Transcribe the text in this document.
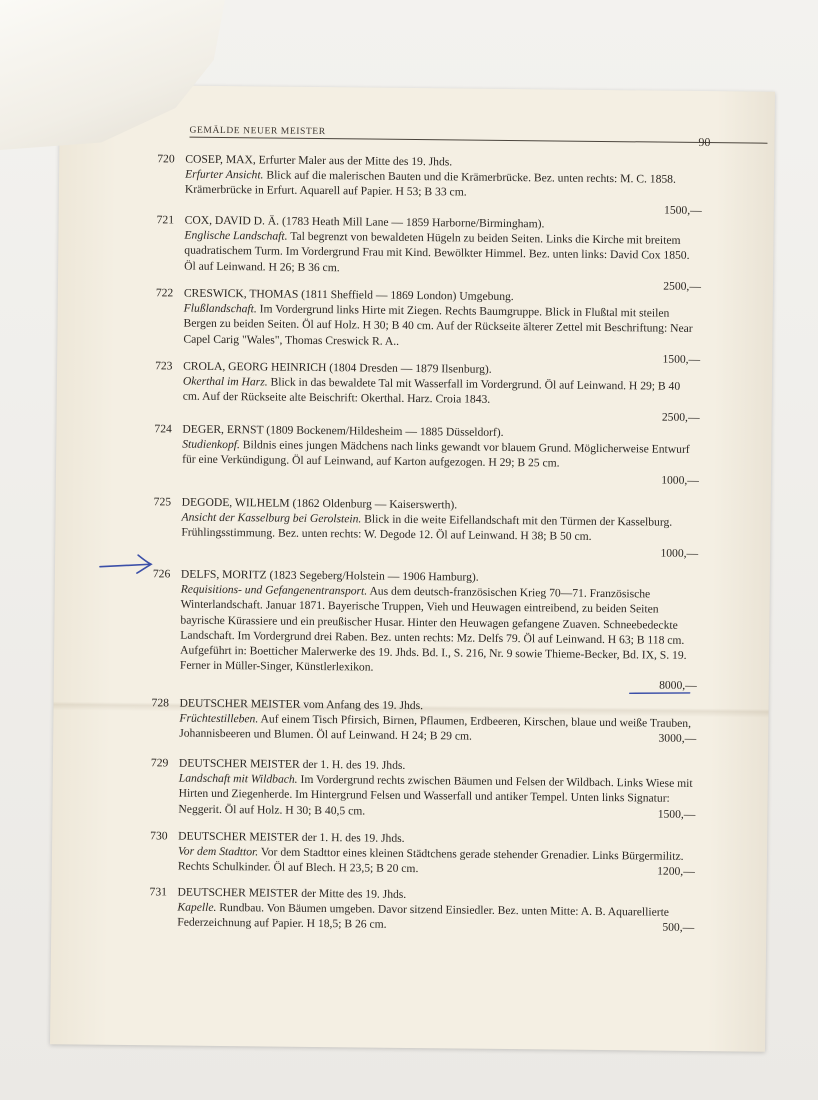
GEMÄLDE NEUER MEISTER
90
720 COSEP, MAX, Erfurter Maler aus der Mitte des 19. Jhds.
Erfurter Ansicht. Blick auf die malerischen Bauten und die Krämerbrücke. Bez. unten rechts: M. C. 1858. Krämerbrücke in Erfurt. Aquarell auf Papier. H 53; B 33 cm.
1500,—
721 COX, DAVID D. Ä. (1783 Heath Mill Lane — 1859 Harborne/Birmingham).
Englische Landschaft. Tal begrenzt von bewaldeten Hügeln zu beiden Seiten. Links die Kirche mit breitem quadratischem Turm. Im Vordergrund Frau mit Kind. Bewölkter Himmel. Bez. unten links: David Cox 1850. Öl auf Leinwand. H 26; B 36 cm.
2500,—
722 CRESWICK, THOMAS (1811 Sheffield — 1869 London) Umgebung.
Flußlandschaft. Im Vordergrund links Hirte mit Ziegen. Rechts Baumgruppe. Blick in Flußtal mit steilen Bergen zu beiden Seiten. Öl auf Holz. H 30; B 40 cm. Auf der Rückseite älterer Zettel mit Beschriftung: Near Capel Carig "Wales", Thomas Creswick R. A..
1500,—
723 CROLA, GEORG HEINRICH (1804 Dresden — 1879 Ilsenburg).
Okerthal im Harz. Blick in das bewaldete Tal mit Wasserfall im Vordergrund. Öl auf Leinwand. H 29; B 40 cm. Auf der Rückseite alte Beischrift: Okerthal. Harz. Croia 1843.
2500,—
724 DEGER, ERNST (1809 Bockenem/Hildesheim — 1885 Düsseldorf).
Studienkopf. Bildnis eines jungen Mädchens nach links gewandt vor blauem Grund. Möglicherweise Entwurf für eine Verkündigung. Öl auf Leinwand, auf Karton aufgezogen. H 29; B 25 cm.
1000,—
725 DEGODE, WILHELM (1862 Oldenburg — Kaiserswerth).
Ansicht der Kasselburg bei Gerolstein. Blick in die weite Eifellandschaft mit den Türmen der Kasselburg. Frühlingsstimmung. Bez. unten rechts: W. Degode 12. Öl auf Leinwand. H 38; B 50 cm.
1000,—
726 DELFS, MORITZ (1823 Segeberg/Holstein — 1906 Hamburg).
Requisitions- und Gefangenentransport. Aus dem deutsch-französischen Krieg 70—71. Französische Winterlandschaft. Januar 1871. Bayerische Truppen, Vieh und Heuwagen eintreibend, zu beiden Seiten bayrische Kürassiere und ein preußischer Husar. Hinter den Heuwagen gefangene Zuaven. Schneebedeckte Landschaft. Im Vordergrund drei Raben. Bez. unten rechts: Mz. Delfs 79. Öl auf Leinwand. H 63; B 118 cm. Aufgeführt in: Boetticher Malerwerke des 19. Jhds. Bd. I., S. 216, Nr. 9 sowie Thieme-Becker, Bd. IX, S. 19. Ferner in Müller-Singer, Künstlerlexikon.
8000,—
728 DEUTSCHER MEISTER vom Anfang des 19. Jhds.
Früchtestilleben. Auf einem Tisch Pfirsich, Birnen, Pflaumen, Erdbeeren, Kirschen, blaue und weiße Trauben, Johannisbeeren und Blumen. Öl auf Leinwand. H 24; B 29 cm.	3000,—
729 DEUTSCHER MEISTER der 1. H. des 19. Jhds.
Landschaft mit Wildbach. Im Vordergrund rechts zwischen Bäumen und Felsen der Wildbach. Links Wiese mit Hirten und Ziegenherde. Im Hintergrund Felsen und Wasserfall und antiker Tempel. Unten links Signatur: Neggerit. Öl auf Holz. H 30; B 40,5 cm.	1500,—
730 DEUTSCHER MEISTER der 1. H. des 19. Jhds.
Vor dem Stadttor. Vor dem Stadttor eines kleinen Städtchens gerade stehender Grenadier. Links Bürgermilitz. Rechts Schulkinder. Öl auf Blech. H 23,5; B 20 cm.	1200,—
731 DEUTSCHER MEISTER der Mitte des 19. Jhds.
Kapelle. Rundbau. Von Bäumen umgeben. Davor sitzend Einsiedler. Bez. unten Mitte: A. B. Aquarellierte Federzeichnung auf Papier. H 18,5; B 26 cm.	500,—
